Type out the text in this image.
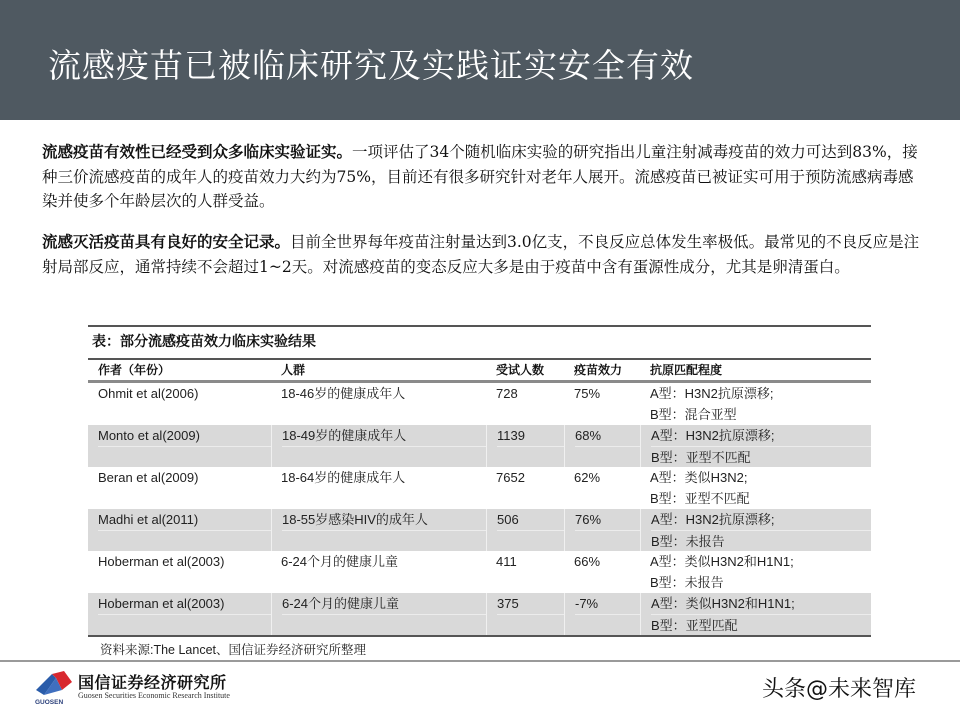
流感疫苗已被临床研究及实践证实安全有效
流感疫苗有效性已经受到众多临床实验证实。一项评估了34个随机临床实验的研究指出儿童注射减毒疫苗的效力可达到83%，接种三价流感疫苗的成年人的疫苗效力大约为75%，目前还有很多研究针对老年人展开。流感疫苗已被证实可用于预防流感病毒感染并使多个年龄层次的人群受益。
流感灭活疫苗具有良好的安全记录。目前全世界每年疫苗注射量达到3.0亿支，不良反应总体发生率极低。最常见的不良反应是注射局部反应，通常持续不会超过1~2天。对流感疫苗的变态反应大多是由于疫苗中含有蛋源性成分，尤其是卵清蛋白。
表：部分流感疫苗效力临床实验结果
作者（年份）	人群	受试人数	疫苗效力	抗原匹配程度
Ohmit et al(2006)	18-46岁的健康成年人	728	75%	A型：H3N2抗原漂移;
B型：混合亚型
Monto et al(2009)	18-49岁的健康成年人	1139	68%	A型：H3N2抗原漂移;
B型：亚型不匹配
Beran et al(2009)	18-64岁的健康成年人	7652	62%	A型：类似H3N2;
B型：亚型不匹配
Madhi et al(2011)	18-55岁感染HIV的成年人	506	76%	A型：H3N2抗原漂移;
B型：未报告
Hoberman et al(2003)	6-24个月的健康儿童	411	66%	A型：类似H3N2和H1N1;
B型：未报告
Hoberman et al(2003)	6-24个月的健康儿童	375	-7%	A型：类似H3N2和H1N1;
B型：亚型匹配
资料来源:The Lancet、国信证券经济研究所整理
GUOSEN
国信证券经济研究所
Guosen Securities Economic Research Institute	头条@未来智库
